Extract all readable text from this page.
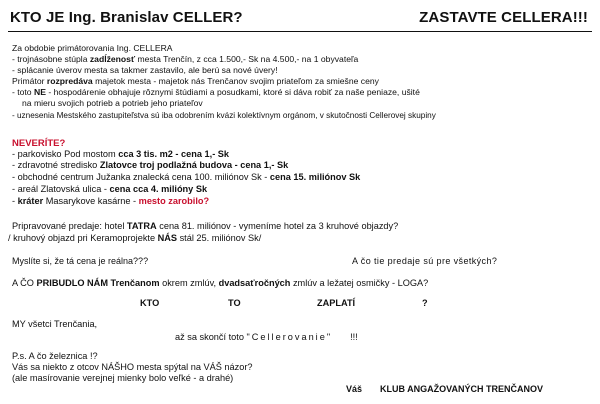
KTO JE Ing. Branislav CELLER?	ZASTAVTE CELLERA!!!
Za obdobie primátorovania Ing. CELLERA
- trojnásobne stúpla zadĺženosť mesta Trenčín, z cca 1.500,- Sk na 4.500,- na 1 obyvateľa
- splácanie úverov mesta sa takmer zastavilo, ale berú sa nové úvery!
Primátor rozpredáva majetok mesta - majetok nás Trenčanov svojim priateľom za smiešne ceny
- toto NE - hospodárenie obhajuje rôznymi štúdiami a posudkami, ktoré si dáva robiť za naše peniaze, ušité
na mieru svojich potrieb a potrieb jeho priateľov
- uznesenia Mestského zastupiteľstva sú iba odobrením kvázi kolektívnym orgánom, v skutočnosti Cellerovej skupiny
NEVERÍTE?
- parkovisko Pod mostom cca 3 tis. m2 - cena 1,- Sk
- zdravotné stredisko Zlatovce troj podlažná budova - cena 1,- Sk
- obchodné centrum Južanka znalecká cena 100. miliónov Sk - cena 15. miliónov Sk
- areál Zlatovská ulica - cena cca 4. milióny Sk
- kráter Masarykove kasárne - mesto zarobilo?
Pripravované predaje: hotel TATRA cena 81. miliónov - vymeníme hotel za 3 kruhové objazdy?
/ kruhový objazd pri Keramoprojekte NÁS stál 25. miliónov Sk/
Myslíte si, že tá cena je reálna???	A čo tie predaje sú pre všetkých?
A ČO PRIBUDLO NÁM Trenčanom okrem zmlúv, dvadsaťročných zmlúv a ležatej osmičky - LOGA?
KTO	TO	ZAPLATÍ	?
MY všetci Trenčania,
až sa skončí toto "Cellerovanie" !!!
P.s. A čo železnica !?
Vás sa niekto z otcov NÁŠHO mesta spýtal na VÁŠ názor?
(ale masírovanie verejnej mienky bolo veľké - a drahé)
Váš KLUB ANGAŽOVANÝCH TRENČANOV
